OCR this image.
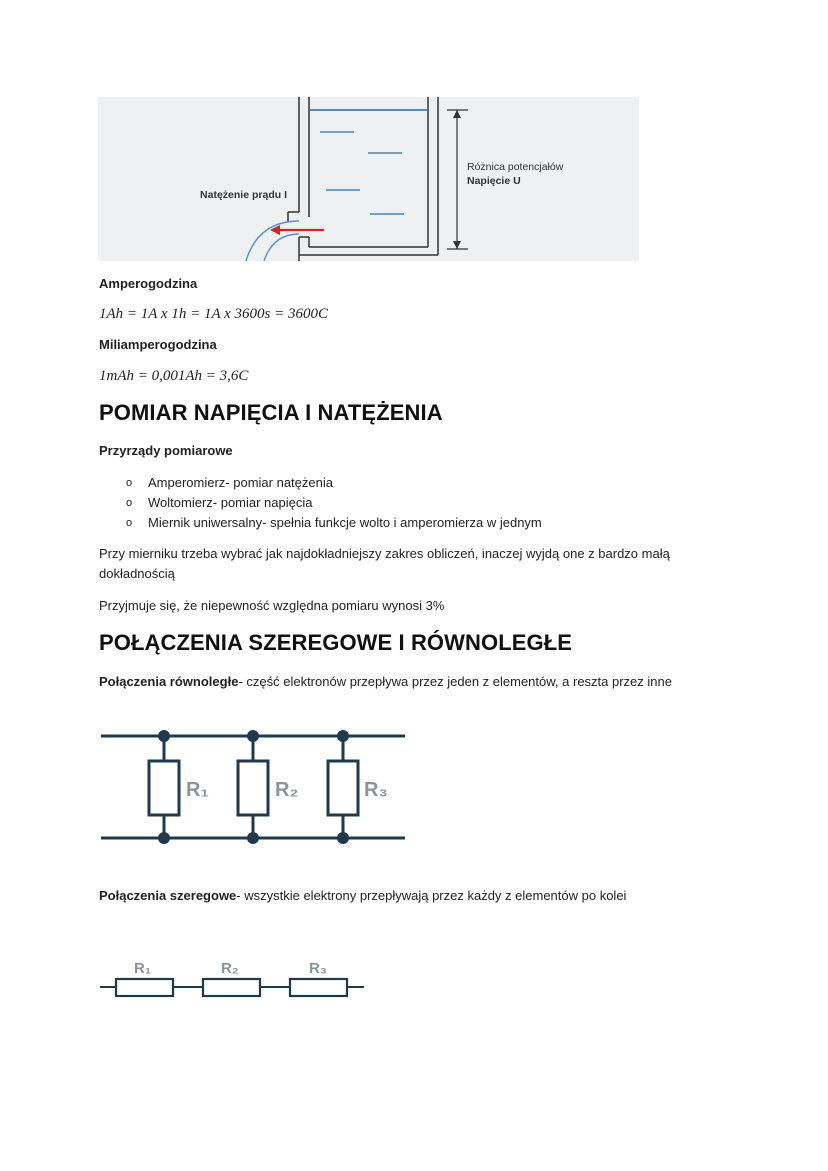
Natężenie prądu I
Różnica potencjałów
Napięcie U
Amperogodzina
1Ah = 1A x 1h = 1A x 3600s = 3600C
Miliamperogodzina
1mAh = 0,001Ah = 3,6C
POMIAR NAPIĘCIA I NATĘŻENIA
Przyrządy pomiarowe
o Amperomierz- pomiar natężenia
o Woltomierz- pomiar napięcia
o Miernik uniwersalny- spełnia funkcje wolto i amperomierza w jednym
Przy mierniku trzeba wybrać jak najdokładniejszy zakres obliczeń, inaczej wyjdą one z bardzo małą dokładnością
Przyjmuje się, że niepewność względna pomiaru wynosi 3%
POŁĄCZENIA SZEREGOWE I RÓWNOLEGŁE
Połączenia równoległe- część elektronów przepływa przez jeden z elementów, a reszta przez inne
R₁	R₂	R₃
Połączenia szeregowe- wszystkie elektrony przepływają przez każdy z elementów po kolei
R₁	R₂	R₃
